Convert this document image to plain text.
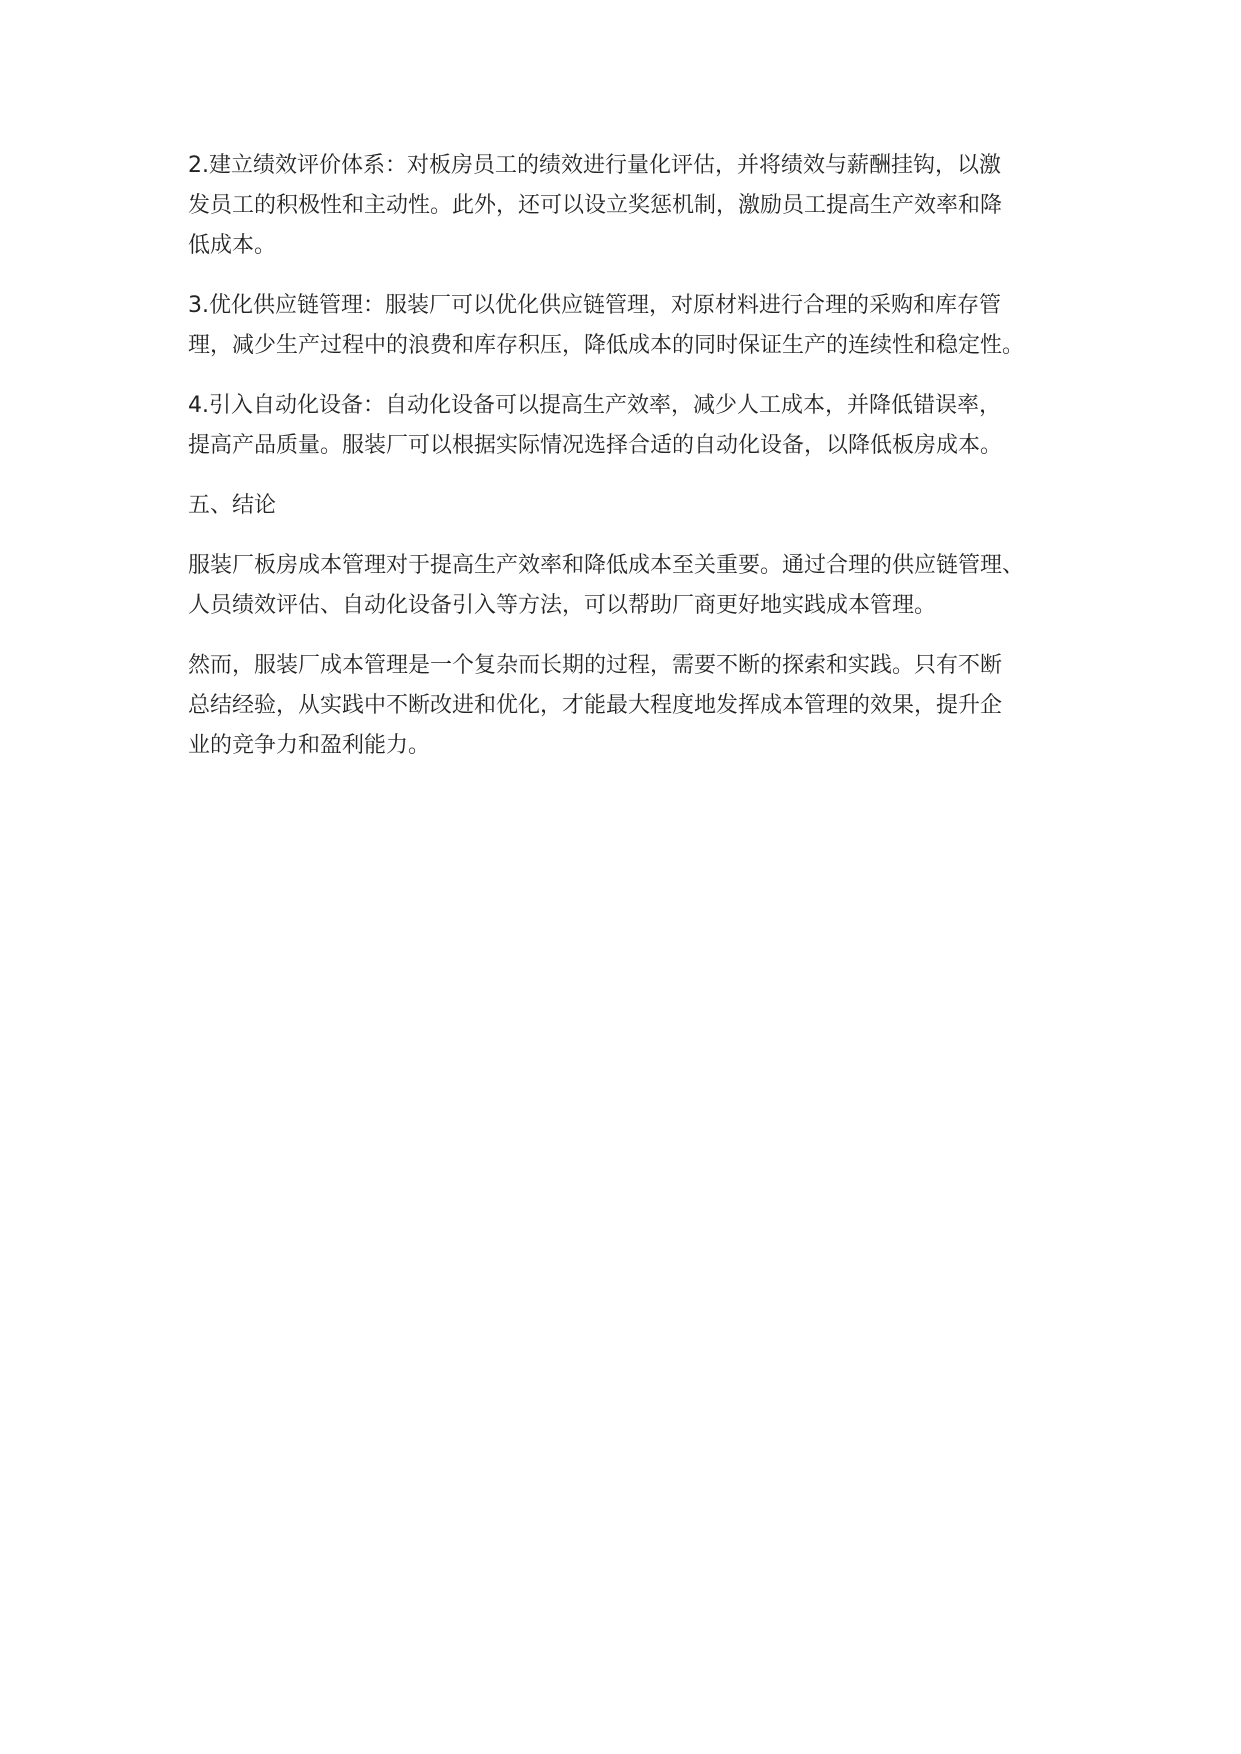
2.建立绩效评价体系：对板房员工的绩效进行量化评估，并将绩效与薪酬挂钩，以激
发员工的积极性和主动性。此外，还可以设立奖惩机制，激励员工提高生产效率和降
低成本。

3.优化供应链管理：服装厂可以优化供应链管理，对原材料进行合理的采购和库存管
理，减少生产过程中的浪费和库存积压，降低成本的同时保证生产的连续性和稳定性。

4.引入自动化设备：自动化设备可以提高生产效率，减少人工成本，并降低错误率，
提高产品质量。服装厂可以根据实际情况选择合适的自动化设备，以降低板房成本。

五、结论

服装厂板房成本管理对于提高生产效率和降低成本至关重要。通过合理的供应链管理、
人员绩效评估、自动化设备引入等方法，可以帮助厂商更好地实践成本管理。

然而，服装厂成本管理是一个复杂而长期的过程，需要不断的探索和实践。只有不断
总结经验，从实践中不断改进和优化，才能最大程度地发挥成本管理的效果，提升企
业的竞争力和盈利能力。
